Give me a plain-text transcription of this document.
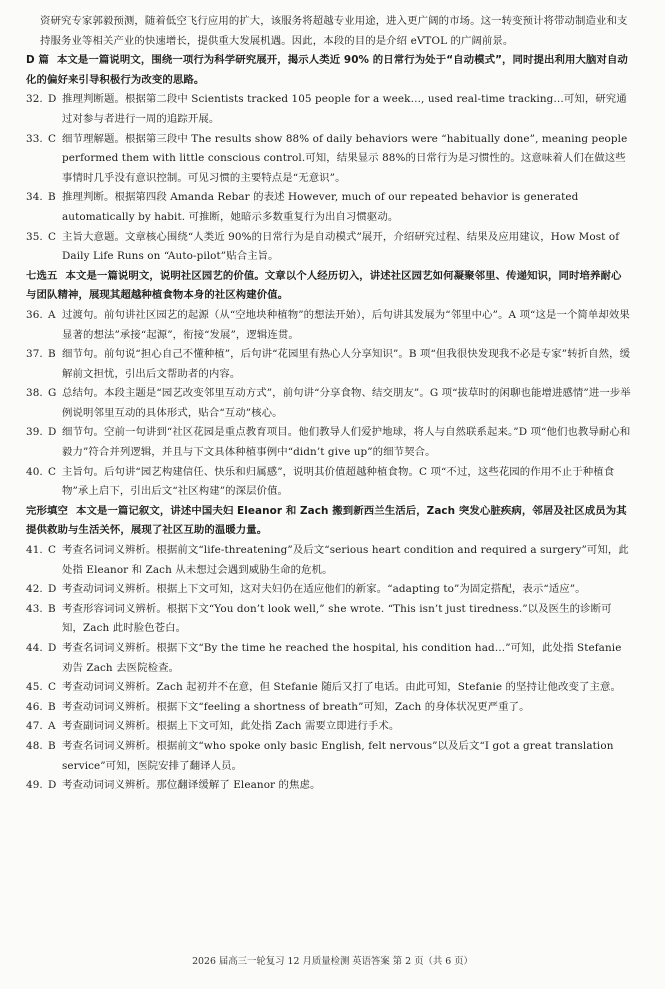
资研究专家郭毅预测，随着低空飞行应用的扩大，该服务将超越专业用途，进入更广阔的市场。这一转变预计将带动制造业和支持服务业等相关产业的快速增长，提供重大发展机遇。因此，本段的目的是介绍 eVTOL 的广阔前景。

D 篇 本文是一篇说明文，围绕一项行为科学研究展开，揭示人类近 90% 的日常行为处于“自动模式”，同时提出利用大脑对自动化的偏好来引导积极行为改变的思路。

32. D 推理判断题。根据第二段中 Scientists tracked 105 people for a week…, used real-time tracking…可知，研究通过对参与者进行一周的追踪开展。
33. C 细节理解题。根据第三段中 The results show 88% of daily behaviors were “habitually done”, meaning people performed them with little conscious control.可知，结果显示 88%的日常行为是习惯性的。这意味着人们在做这些事情时几乎没有意识控制。可见习惯的主要特点是“无意识”。
34. B 推理判断。根据第四段 Amanda Rebar 的表述 However, much of our repeated behavior is generated automatically by habit. 可推断，她暗示多数重复行为出自习惯驱动。
35. C 主旨大意题。文章核心围绕“人类近 90%的日常行为是自动模式”展开，介绍研究过程、结果及应用建议，How Most of Daily Life Runs on “Auto-pilot”贴合主旨。

七选五 本文是一篇说明文，说明社区园艺的价值。文章以个人经历切入，讲述社区园艺如何凝聚邻里、传递知识，同时培养耐心与团队精神，展现其超越种植食物本身的社区构建价值。

36. A 过渡句。前句讲社区园艺的起源（从“空地块种植物”的想法开始），后句讲其发展为“邻里中心”。A 项“这是一个简单却效果显著的想法”承接“起源”，衔接“发展”，逻辑连贯。
37. B 细节句。前句说“担心自己不懂种植”，后句讲“花园里有热心人分享知识”。B 项“但我很快发现我不必是专家”转折自然，缓解前文担忧，引出后文帮助者的内容。
38. G 总结句。本段主题是“园艺改变邻里互动方式”，前句讲“分享食物、结交朋友”。G 项“拔草时的闲聊也能增进感情”进一步举例说明邻里互动的具体形式，贴合“互动”核心。
39. D 细节句。空前一句讲到“社区花园是重点教育项目。他们教导人们爱护地球，将人与自然联系起来。”D 项“他们也教导耐心和毅力”符合并列逻辑，并且与下文具体种植事例中“didn’t give up”的细节契合。
40. C 主旨句。后句讲“园艺构建信任、快乐和归属感”，说明其价值超越种植食物。C 项“不过，这些花园的作用不止于种植食物”承上启下，引出后文“社区构建”的深层价值。

完形填空 本文是一篇记叙文，讲述中国夫妇 Eleanor 和 Zach 搬到新西兰生活后，Zach 突发心脏疾病，邻居及社区成员为其提供救助与生活关怀，展现了社区互助的温暖力量。

41. C 考查名词词义辨析。根据前文“life-threatening”及后文“serious heart condition and required a surgery”可知，此处指 Eleanor 和 Zach 从未想过会遇到威胁生命的危机。
42. D 考查动词词义辨析。根据上下文可知，这对夫妇仍在适应他们的新家。“adapting to”为固定搭配，表示“适应”。
43. B 考查形容词词义辨析。根据下文“You don’t look well,” she wrote. “This isn’t just tiredness.”以及医生的诊断可知，Zach 此时脸色苍白。
44. D 考查名词词义辨析。根据下文“By the time he reached the hospital, his condition had…”可知，此处指 Stefanie 劝告 Zach 去医院检查。
45. C 考查动词词义辨析。Zach 起初并不在意，但 Stefanie 随后又打了电话。由此可知，Stefanie 的坚持让他改变了主意。
46. B 考查动词词义辨析。根据下文“feeling a shortness of breath”可知，Zach 的身体状况更严重了。
47. A 考查副词词义辨析。根据上下文可知，此处指 Zach 需要立即进行手术。
48. B 考查名词词义辨析。根据前文“who spoke only basic English, felt nervous”以及后文“I got a great translation service”可知，医院安排了翻译人员。
49. D 考查动词词义辨析。那位翻译缓解了 Eleanor 的焦虑。
2026 届高三一轮复习 12 月质量检测 英语答案 第 2 页（共 6 页）
